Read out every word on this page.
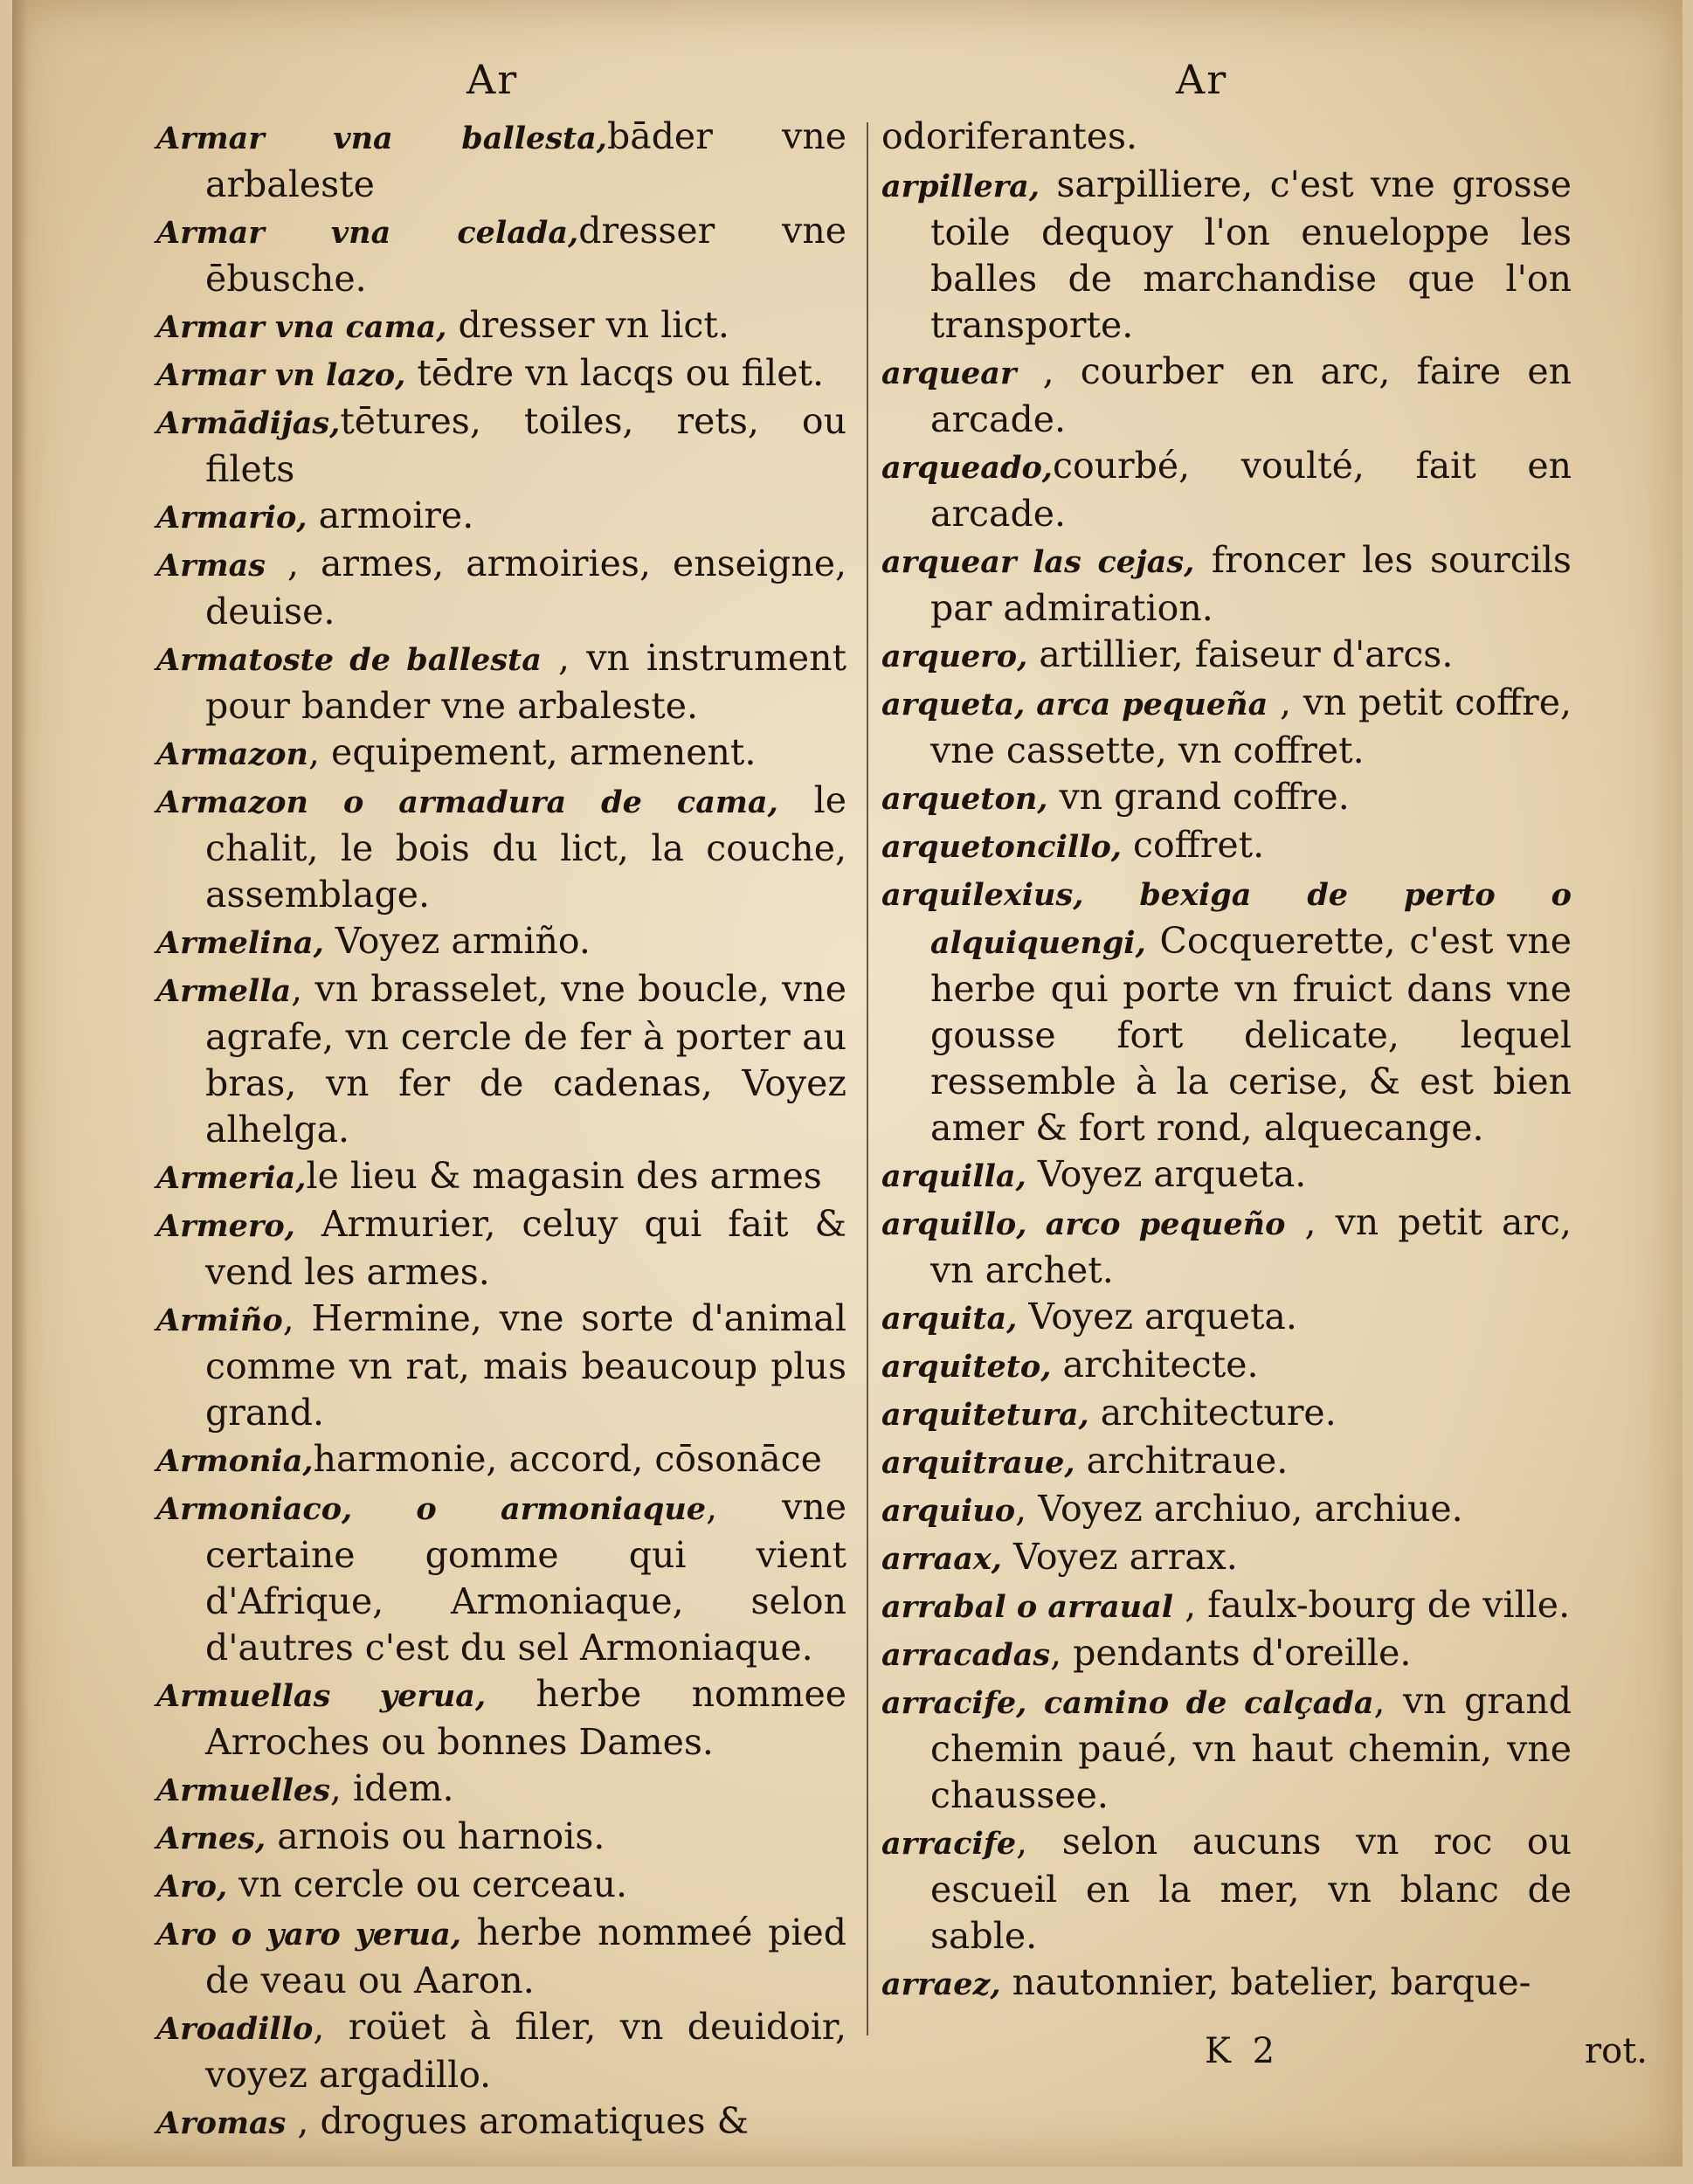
Ar	Ar
Armar vna ballesta,bāder vne arbaleste
Armar vna celada,dresser vne ēbusche.
Armar vna cama, dresser vn lict.
Armar vn lazo, tēdre vn lacqs ou filet.
Armādijas,tētures, toiles, rets, ou filets
Armario, armoire.
Armas , armes, armoiries, enseigne, deuise.
Armatoste de ballesta , vn instrument pour bander vne arbaleste.
Armazon, equipement, armenent.
Armazon o armadura de cama, le chalit, le bois du lict, la couche, assemblage.
Armelina, Voyez armiño.
Armella, vn brasselet, vne boucle, vne agrafe, vn cercle de fer à porter au bras, vn fer de cadenas, Voyez alhelga.
Armeria,le lieu & magasin des armes
Armero, Armurier, celuy qui fait & vend les armes.
Armiño, Hermine, vne sorte d'animal comme vn rat, mais beaucoup plus grand.
Armonia,harmonie, accord, cōsonāce
Armoniaco, o armoniaque, vne certaine gomme qui vient d'Afrique, Armoniaque, selon d'autres c'est du sel Armoniaque.
Armuellas yerua, herbe nommee Arroches ou bonnes Dames.
Armuelles, idem.
Arnes, arnois ou harnois.
Aro, vn cercle ou cerceau.
Aro o yaro yerua, herbe nommeé pied de veau ou Aaron.
Aroadillo, roüet à filer, vn deuidoir, voyez argadillo.
Aromas , drogues aromatiques &
odoriferantes.
arpillera, sarpilliere, c'est vne grosse toile dequoy l'on enueloppe les balles de marchandise que l'on transporte.
arquear , courber en arc, faire en arcade.
arqueado,courbé, voulté, fait en arcade.
arquear las cejas, froncer les sourcils par admiration.
arquero, artillier, faiseur d'arcs.
arqueta, arca pequeña , vn petit coffre, vne cassette, vn coffret.
arqueton, vn grand coffre.
arquetoncillo, coffret.
arquilexius, bexiga de perto o alquiquengi, Cocquerette, c'est vne herbe qui porte vn fruict dans vne gousse fort delicate, lequel ressemble à la cerise, & est bien amer & fort rond, alquecange.
arquilla, Voyez arqueta.
arquillo, arco pequeño , vn petit arc, vn archet.
arquita, Voyez arqueta.
arquiteto, architecte.
arquitetura, architecture.
arquitraue, architraue.
arquiuo, Voyez archiuo, archiue.
arraax, Voyez arrax.
arrabal o arraual , faulx-bourg de ville.
arracadas, pendants d'oreille.
arracife, camino de calçada, vn grand chemin paué, vn haut chemin, vne chaussee.
arracife, selon aucuns vn roc ou escueil en la mer, vn blanc de sable.
arraez, nautonnier, batelier, barque-
K 2	rot.
